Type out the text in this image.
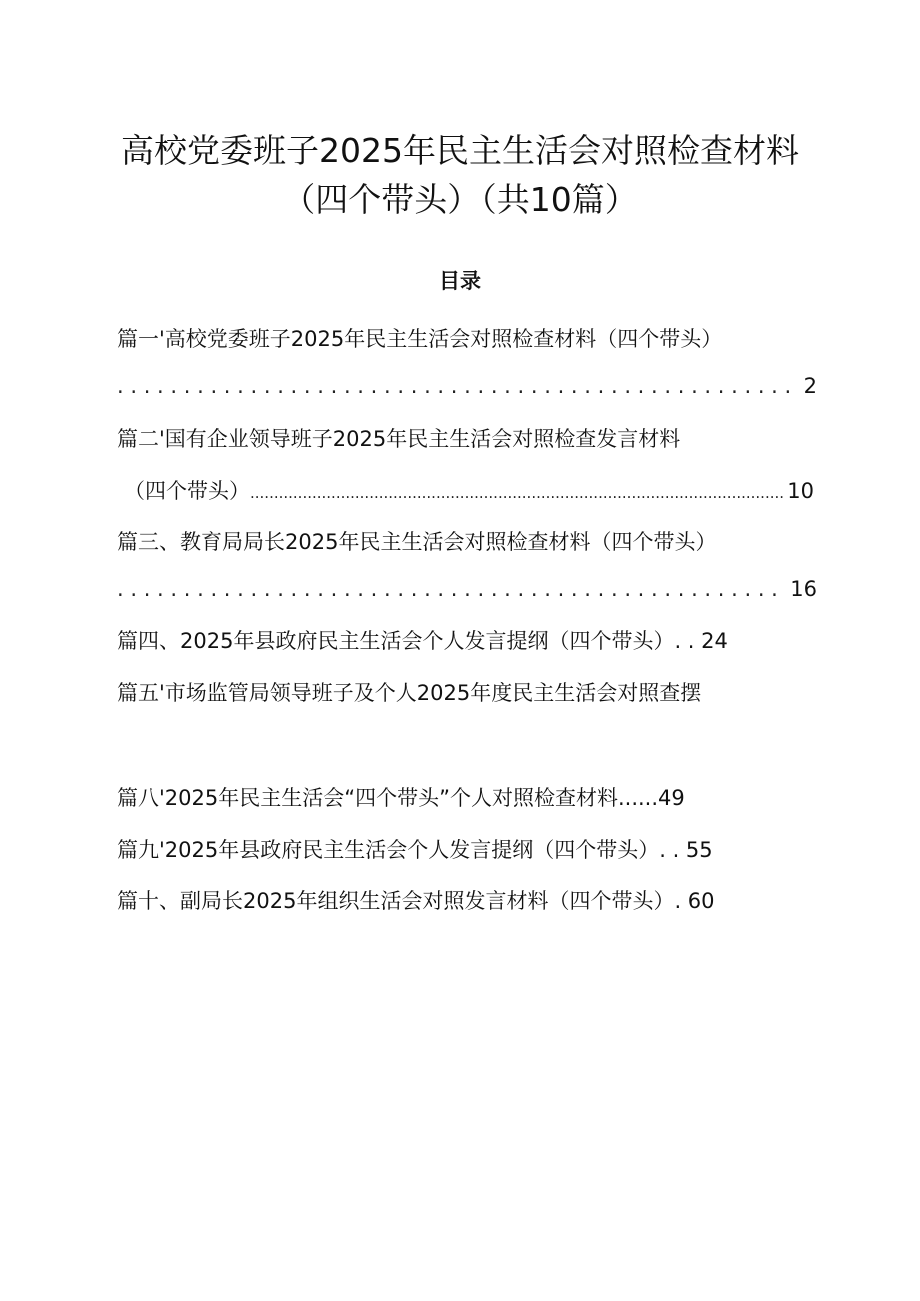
高校党委班子2025年民主生活会对照检查材料
（四个带头）（共10篇）
目录
篇一'高校党委班子2025年民主生活会对照检查材料（四个带头）
. . .
2
篇二'国有企业领导班子2025年民主生活会对照检查发言材料
（四个带头）
.....	10
篇三、教育局局长2025年民主生活会对照检查材料（四个带头）
. . .
16
篇四、2025年县政府民主生活会个人发言提纲（四个带头）. . 24
篇五'市场监管局领导班子及个人2025年度民主生活会对照查摆
篇八'2025年民主生活会“四个带头”个人对照检查材料......49
篇九'2025年县政府民主生活会个人发言提纲（四个带头）. . 55
篇十、副局长2025年组织生活会对照发言材料（四个带头）. 60
